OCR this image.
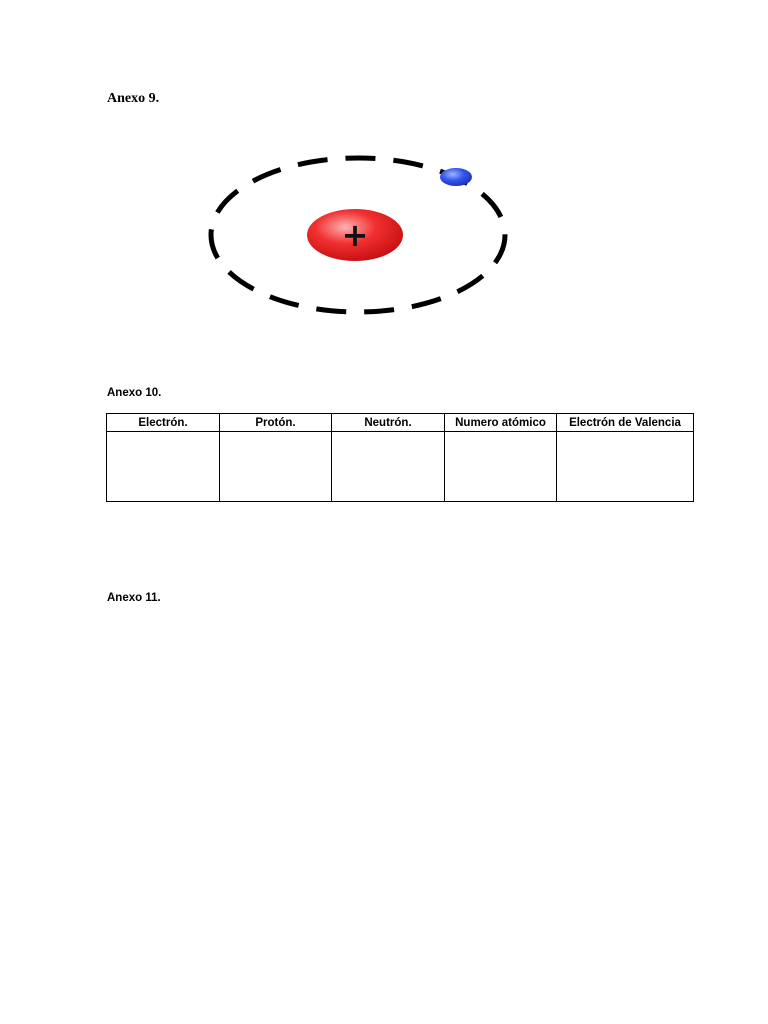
Anexo 9.
+
Anexo 10.
Electrón.	Protón.	Neutrón.	Numero atómico	Electrón de Valencia

Anexo 11.
